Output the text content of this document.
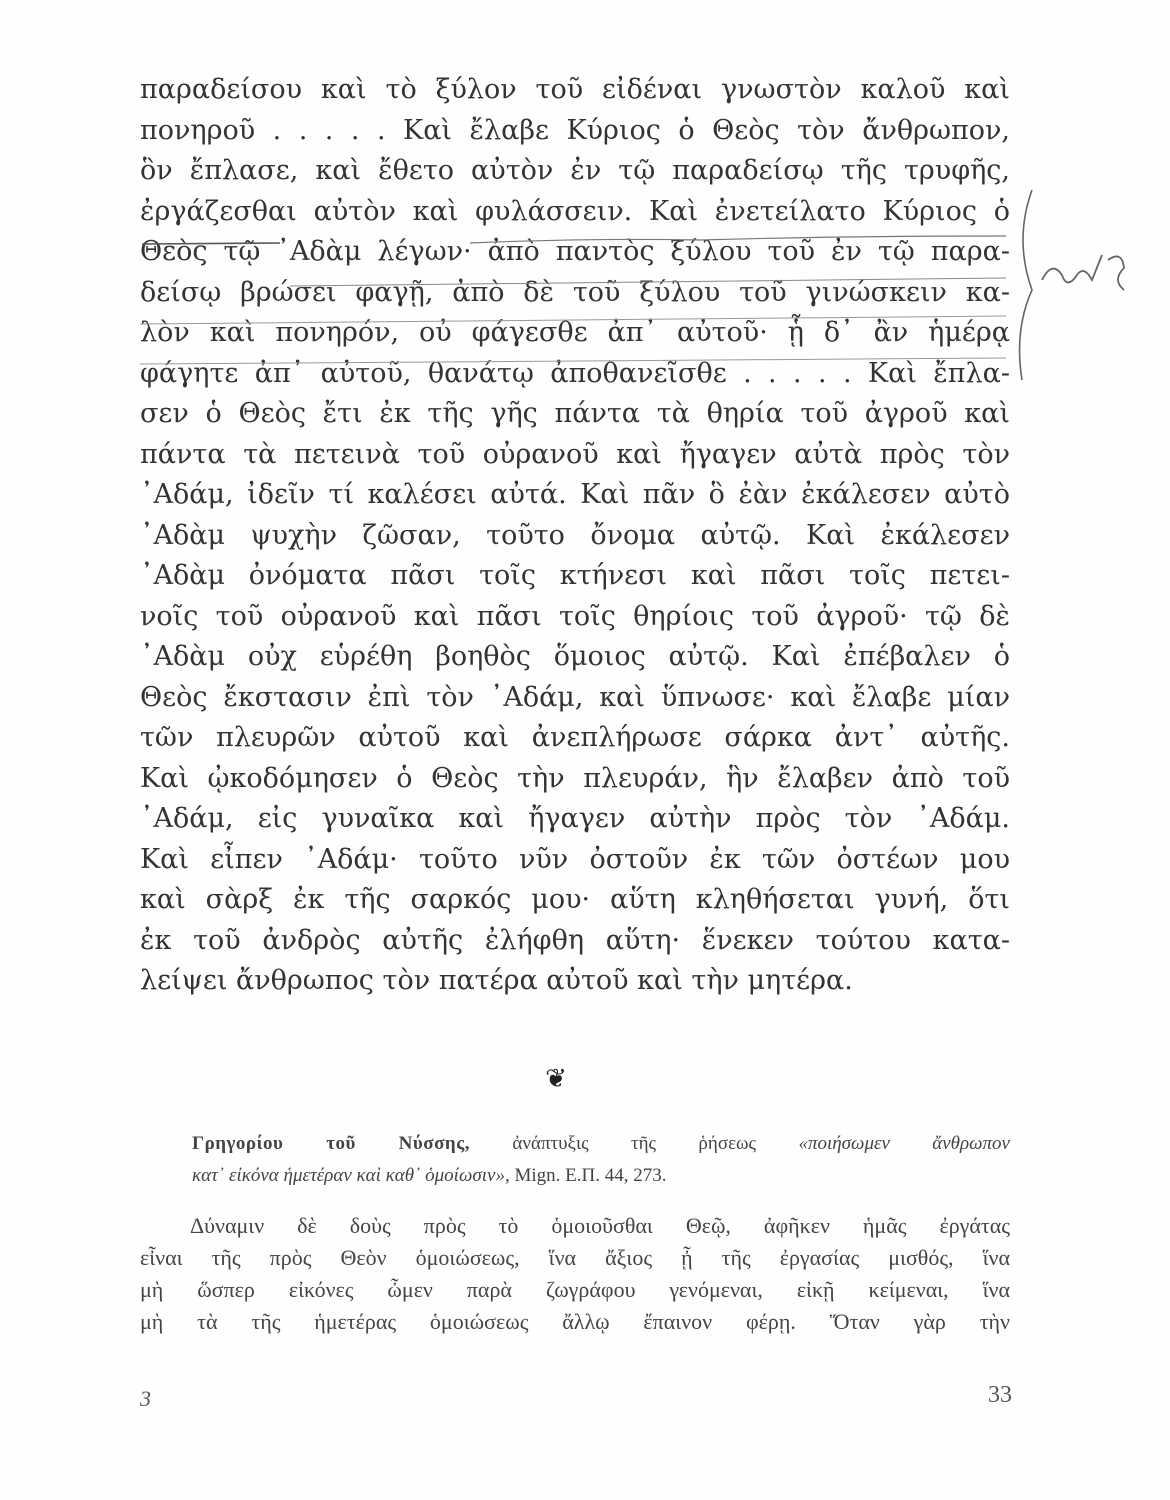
παραδείσου καὶ τὸ ξύλον τοῦ εἰδέναι γνωστὸν καλοῦ καὶ
πονηροῦ . . . . . Καὶ ἔλαβε Κύριος ὁ Θεὸς τὸν ἄνθρωπον,
ὃν ἔπλασε, καὶ ἔθετο αὐτὸν ἐν τῷ παραδείσῳ τῆς τρυφῆς,
ἐργάζεσθαι αὐτὸν καὶ φυλάσσειν. Καὶ ἐνετείλατο Κύριος ὁ
Θεὸς τῷ ᾿Αδὰμ λέγων· ἀπὸ παντὸς ξύλου τοῦ ἐν τῷ παρα-
δείσῳ βρώσει φαγῇ, ἀπὸ δὲ τοῦ ξύλου τοῦ γινώσκειν κα-
λὸν καὶ πονηρόν, οὐ φάγεσθε ἀπ᾿ αὐτοῦ· ᾗ δ᾿ ἂν ἡμέρᾳ
φάγητε ἀπ᾿ αὐτοῦ, θανάτῳ ἀποθανεῖσθε . . . . . Καὶ ἔπλα-
σεν ὁ Θεὸς ἔτι ἐκ τῆς γῆς πάντα τὰ θηρία τοῦ ἀγροῦ καὶ
πάντα τὰ πετεινὰ τοῦ οὐρανοῦ καὶ ἤγαγεν αὐτὰ πρὸς τὸν
᾿Αδάμ, ἰδεῖν τί καλέσει αὐτά. Καὶ πᾶν ὃ ἐὰν ἐκάλεσεν αὐτὸ
᾿Αδὰμ ψυχὴν ζῶσαν, τοῦτο ὄνομα αὐτῷ. Καὶ ἐκάλεσεν
᾿Αδὰμ ὀνόματα πᾶσι τοῖς κτήνεσι καὶ πᾶσι τοῖς πετει-
νοῖς τοῦ οὐρανοῦ καὶ πᾶσι τοῖς θηρίοις τοῦ ἀγροῦ· τῷ δὲ
᾿Αδὰμ οὐχ εὑρέθη βοηθὸς ὅμοιος αὐτῷ. Καὶ ἐπέβαλεν ὁ
Θεὸς ἔκστασιν ἐπὶ τὸν ᾿Αδάμ, καὶ ὕπνωσε· καὶ ἔλαβε μίαν
τῶν πλευρῶν αὐτοῦ καὶ ἀνεπλήρωσε σάρκα ἀντ᾿ αὐτῆς.
Καὶ ᾠκοδόμησεν ὁ Θεὸς τὴν πλευράν, ἣν ἔλαβεν ἀπὸ τοῦ
᾿Αδάμ, εἰς γυναῖκα καὶ ἤγαγεν αὐτὴν πρὸς τὸν ᾿Αδάμ.
Καὶ εἶπεν ᾿Αδάμ· τοῦτο νῦν ὀστοῦν ἐκ τῶν ὀστέων μου
καὶ σὰρξ ἐκ τῆς σαρκός μου· αὕτη κληθήσεται γυνή, ὅτι
ἐκ τοῦ ἀνδρὸς αὐτῆς ἐλήφθη αὕτη· ἕνεκεν τούτου κατα-
λείψει ἄνθρωπος τὸν πατέρα αὐτοῦ καὶ τὴν μητέρα.
ἔως
❦
Γρηγορίου τοῦ Νύσσης, ἀνάπτυξις τῆς ῥήσεως «ποιήσωμεν ἄνθρωπον
κατ᾿ εἰκόνα ἡμετέραν καὶ καθ᾿ ὁμοίωσιν», Mign. Ε.Π. 44, 273.
Δύναμιν δὲ δοὺς πρὸς τὸ ὁμοιοῦσθαι Θεῷ, ἀφῆκεν ἡμᾶς ἐργάτας
εἶναι τῆς πρὸς Θεὸν ὁμοιώσεως, ἵνα ἄξιος ᾖ τῆς ἐργασίας μισθός, ἵνα
μὴ ὥσπερ εἰκόνες ὦμεν παρὰ ζωγράφου γενόμεναι, εἰκῇ κείμεναι, ἵνα
μὴ τὰ τῆς ἡμετέρας ὁμοιώσεως ἄλλῳ ἔπαινον φέρῃ. Ὅταν γὰρ τὴν
3	33
